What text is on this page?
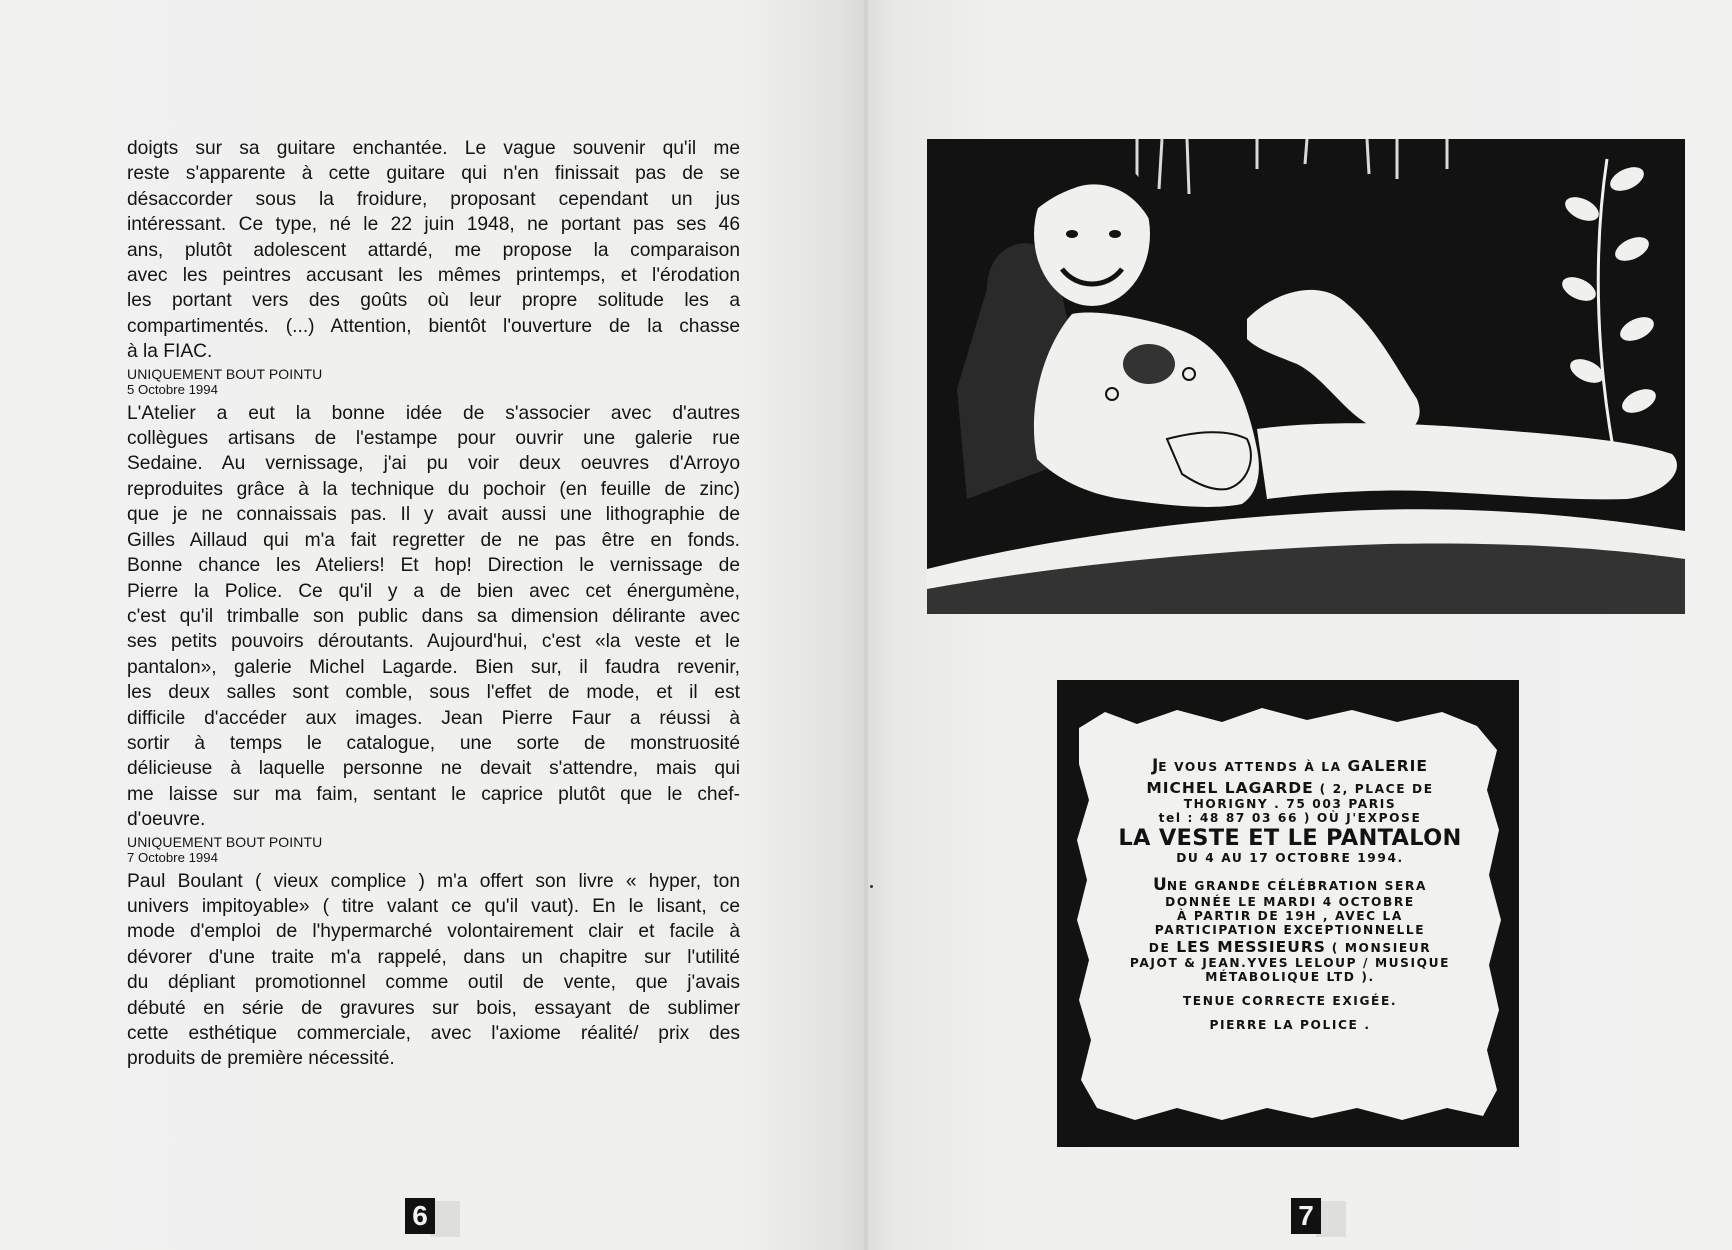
doigts sur sa guitare enchantée. Le vague souvenir qu'il me
reste s'apparente à cette guitare qui n'en finissait pas de se
désaccorder sous la froidure, proposant cependant un jus
intéressant. Ce type, né le 22 juin 1948, ne portant pas ses 46
ans, plutôt adolescent attardé, me propose la comparaison
avec les peintres accusant les mêmes printemps, et l'érodation
les portant vers des goûts où leur propre solitude les a
compartimentés. (...) Attention, bientôt l'ouverture de la chasse
à la FIAC.
UNIQUEMENT BOUT POINTU
5 Octobre 1994
L'Atelier a eut la bonne idée de s'associer avec d'autres
collègues artisans de l'estampe pour ouvrir une galerie rue
Sedaine. Au vernissage, j'ai pu voir deux oeuvres d'Arroyo
reproduites grâce à la technique du pochoir (en feuille de zinc)
que je ne connaissais pas. Il y avait aussi une lithographie de
Gilles Aillaud qui m'a fait regretter de ne pas être en fonds.
Bonne chance les Ateliers! Et hop! Direction le vernissage de
Pierre la Police. Ce qu'il y a de bien avec cet énergumène,
c'est qu'il trimballe son public dans sa dimension délirante avec
ses petits pouvoirs déroutants. Aujourd'hui, c'est «la veste et le
pantalon», galerie Michel Lagarde. Bien sur, il faudra revenir,
les deux salles sont comble, sous l'effet de mode, et il est
difficile d'accéder aux images. Jean Pierre Faur a réussi à
sortir à temps le catalogue, une sorte de monstruosité
délicieuse à laquelle personne ne devait s'attendre, mais qui
me laisse sur ma faim, sentant le caprice plutôt que le chef-
d'oeuvre.
UNIQUEMENT BOUT POINTU
7 Octobre 1994
Paul Boulant ( vieux complice ) m'a offert son livre « hyper, ton
univers impitoyable» ( titre valant ce qu'il vaut). En le lisant, ce
mode d'emploi de l'hypermarché volontairement clair et facile à
dévorer d'une traite m'a rappelé, dans un chapitre sur l'utilité
du dépliant promotionnel comme outil de vente, que j'avais
débuté en série de gravures sur bois, essayant de sublimer
cette esthétique commerciale, avec l'axiome réalité/ prix des
produits de première nécessité.
6
JE VOUS ATTENDS À LA GALERIE
MICHEL LAGARDE ( 2, PLACE DE
THORIGNY . 75 003 PARIS
tel : 48 87 03 66 ) OÙ J'EXPOSE
LA VESTE ET LE PANTALON
DU 4 AU 17 OCTOBRE 1994.
UNE GRANDE CÉLÉBRATION SERA
DONNÉE LE MARDI 4 OCTOBRE
À PARTIR DE 19H , AVEC LA
PARTICIPATION EXCEPTIONNELLE
DE LES MESSIEURS ( MONSIEUR
PAJOT & JEAN.YVES LELOUP / MUSIQUE
MÉTABOLIQUE LTD ).
TENUE CORRECTE EXIGÉE.
PIERRE LA POLICE .
7
